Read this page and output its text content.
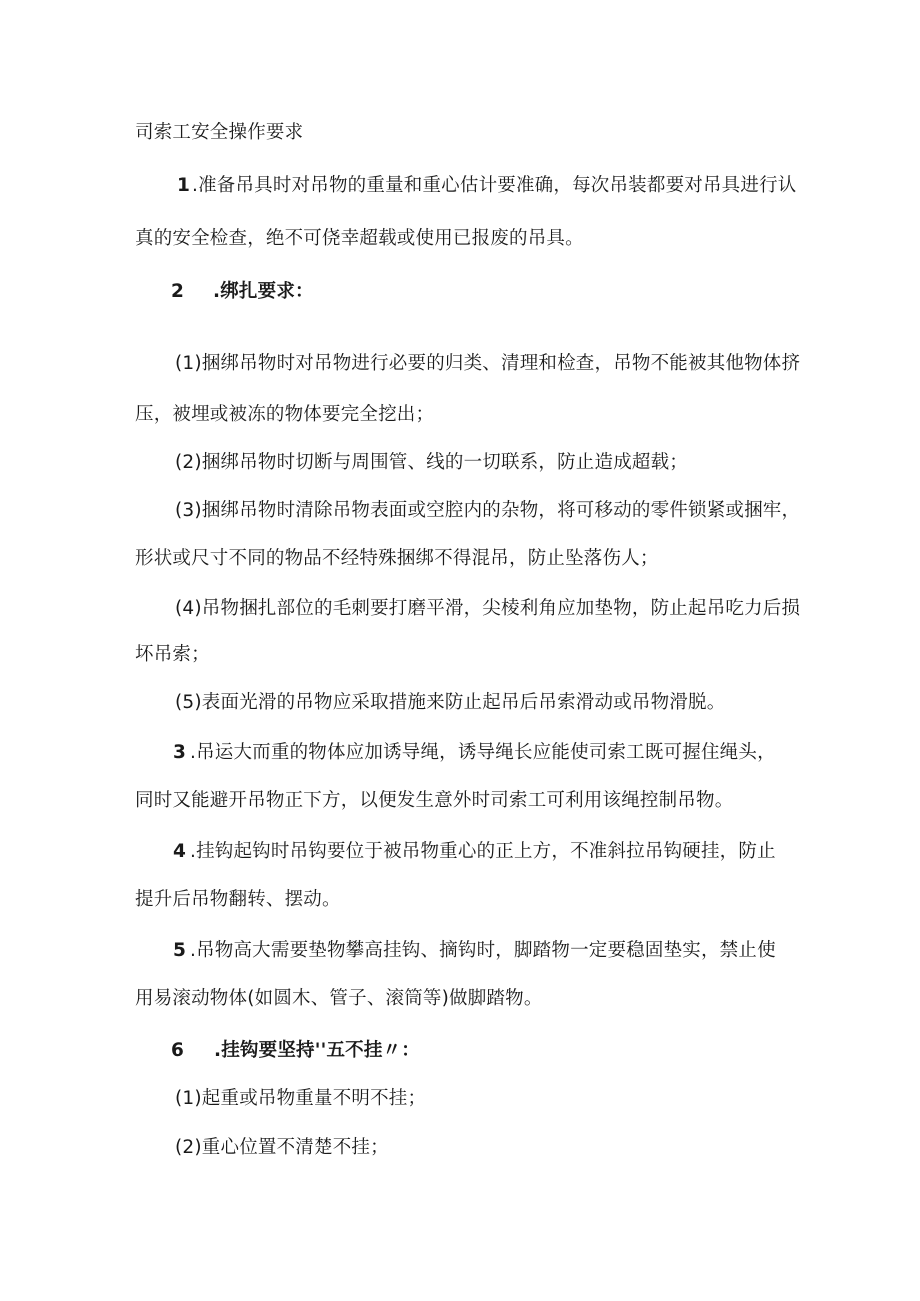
司索工安全操作要求
1 .准备吊具时对吊物的重量和重心估计要准确，每次吊装都要对吊具进行认
真的安全检查，绝不可侥幸超载或使用已报废的吊具。
2 .绑扎要求：
(1)捆绑吊物时对吊物进行必要的归类、清理和检查，吊物不能被其他物体挤
压，被埋或被冻的物体要完全挖出；
(2)捆绑吊物时切断与周围管、线的一切联系，防止造成超载；
(3)捆绑吊物时清除吊物表面或空腔内的杂物，将可移动的零件锁紧或捆牢，
形状或尺寸不同的物品不经特殊捆绑不得混吊，防止坠落伤人；
(4)吊物捆扎部位的毛刺要打磨平滑，尖棱利角应加垫物，防止起吊吃力后损
坏吊索；
(5)表面光滑的吊物应采取措施来防止起吊后吊索滑动或吊物滑脱。
3 .吊运大而重的物体应加诱导绳，诱导绳长应能使司索工既可握住绳头，
同时又能避开吊物正下方，以便发生意外时司索工可利用该绳控制吊物。
4 .挂钩起钩时吊钩要位于被吊物重心的正上方，不准斜拉吊钩硬挂，防止
提升后吊物翻转、摆动。
5 .吊物高大需要垫物攀高挂钩、摘钩时，脚踏物一定要稳固垫实，禁止使
用易滚动物体(如圆木、管子、滚筒等)做脚踏物。
6 .挂钩要坚持''五不挂〃：
(1)起重或吊物重量不明不挂；
(2)重心位置不清楚不挂；
